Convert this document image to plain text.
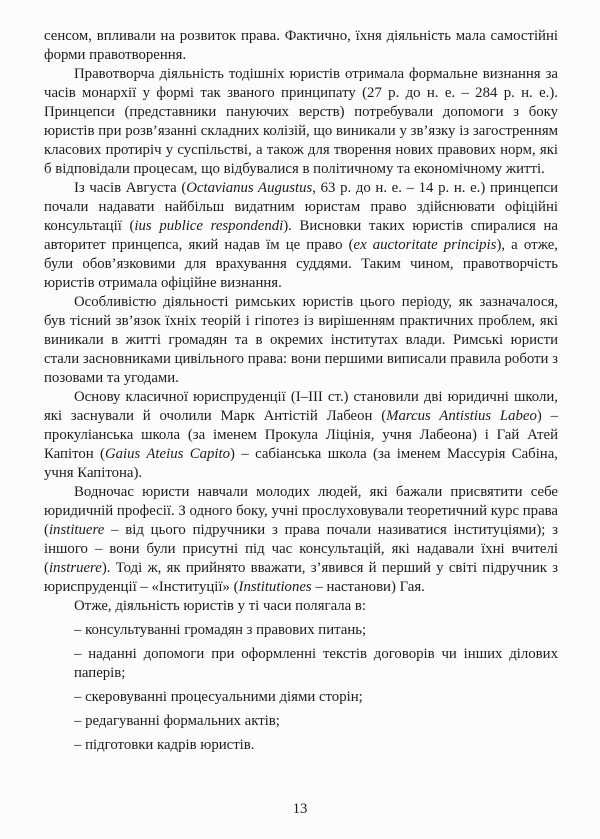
сенсом, впливали на розвиток права. Фактично, їхня діяльність мала самостійні форми правотворення.

Правотворча діяльність тодішніх юристів отримала формальне визнання за часів монархії у формі так званого принципату (27 р. до н. е. – 284 р. н. е.). Принцепси (представники пануючих верств) потребували допомоги з боку юристів при розв’язанні складних колізій, що виникали у зв’язку із загостренням класових протиріч у суспільстві, а також для творення нових правових норм, які б відповідали процесам, що відбувалися в політичному та економічному житті.

Із часів Августа (Octavianus Augustus, 63 р. до н. е. – 14 р. н. е.) принцепси почали надавати найбільш видатним юристам право здійснювати офіційні консультації (ius publice respondendi). Висновки таких юристів спиралися на авторитет принцепса, який надав їм це право (ex auctoritate principis), а отже, були обов’язковими для врахування суддями. Таким чином, правотворчість юристів отримала офіційне визнання.

Особливістю діяльності римських юристів цього періоду, як зазначалося, був тісний зв’язок їхніх теорій і гіпотез із вирішенням практичних проблем, які виникали в житті громадян та в окремих інститутах влади. Римські юристи стали засновниками цивільного права: вони першими виписали правила роботи з позовами та угодами.

Основу класичної юриспруденції (І–ІІІ ст.) становили дві юридичні школи, які заснували й очолили Марк Антістій Лабеон (Marcus Antistius Labeo) – прокуліанська школа (за іменем Прокула Ліцінія, учня Лабеона) і Гай Атей Капітон (Gaius Ateius Capito) – сабіанська школа (за іменем Массурія Сабіна, учня Капітона).

Водночас юристи навчали молодих людей, які бажали присвятити себе юридичній професії. З одного боку, учні прослуховували теоретичний курс права (instituere – від цього підручники з права почали називатися інституціями); з іншого – вони були присутні під час консультацій, які надавали їхні вчителі (instruere). Тоді ж, як прийнято вважати, з’явився й перший у світі підручник з юриспруденції – «Інституції» (Institutiones – настанови) Гая.

Отже, діяльність юристів у ті часи полягала в:

– консультуванні громадян з правових питань;

– наданні допомоги при оформленні текстів договорів чи інших ділових паперів;

– скеровуванні процесуальними діями сторін;

– редагуванні формальних актів;

– підготовки кадрів юристів.

13
